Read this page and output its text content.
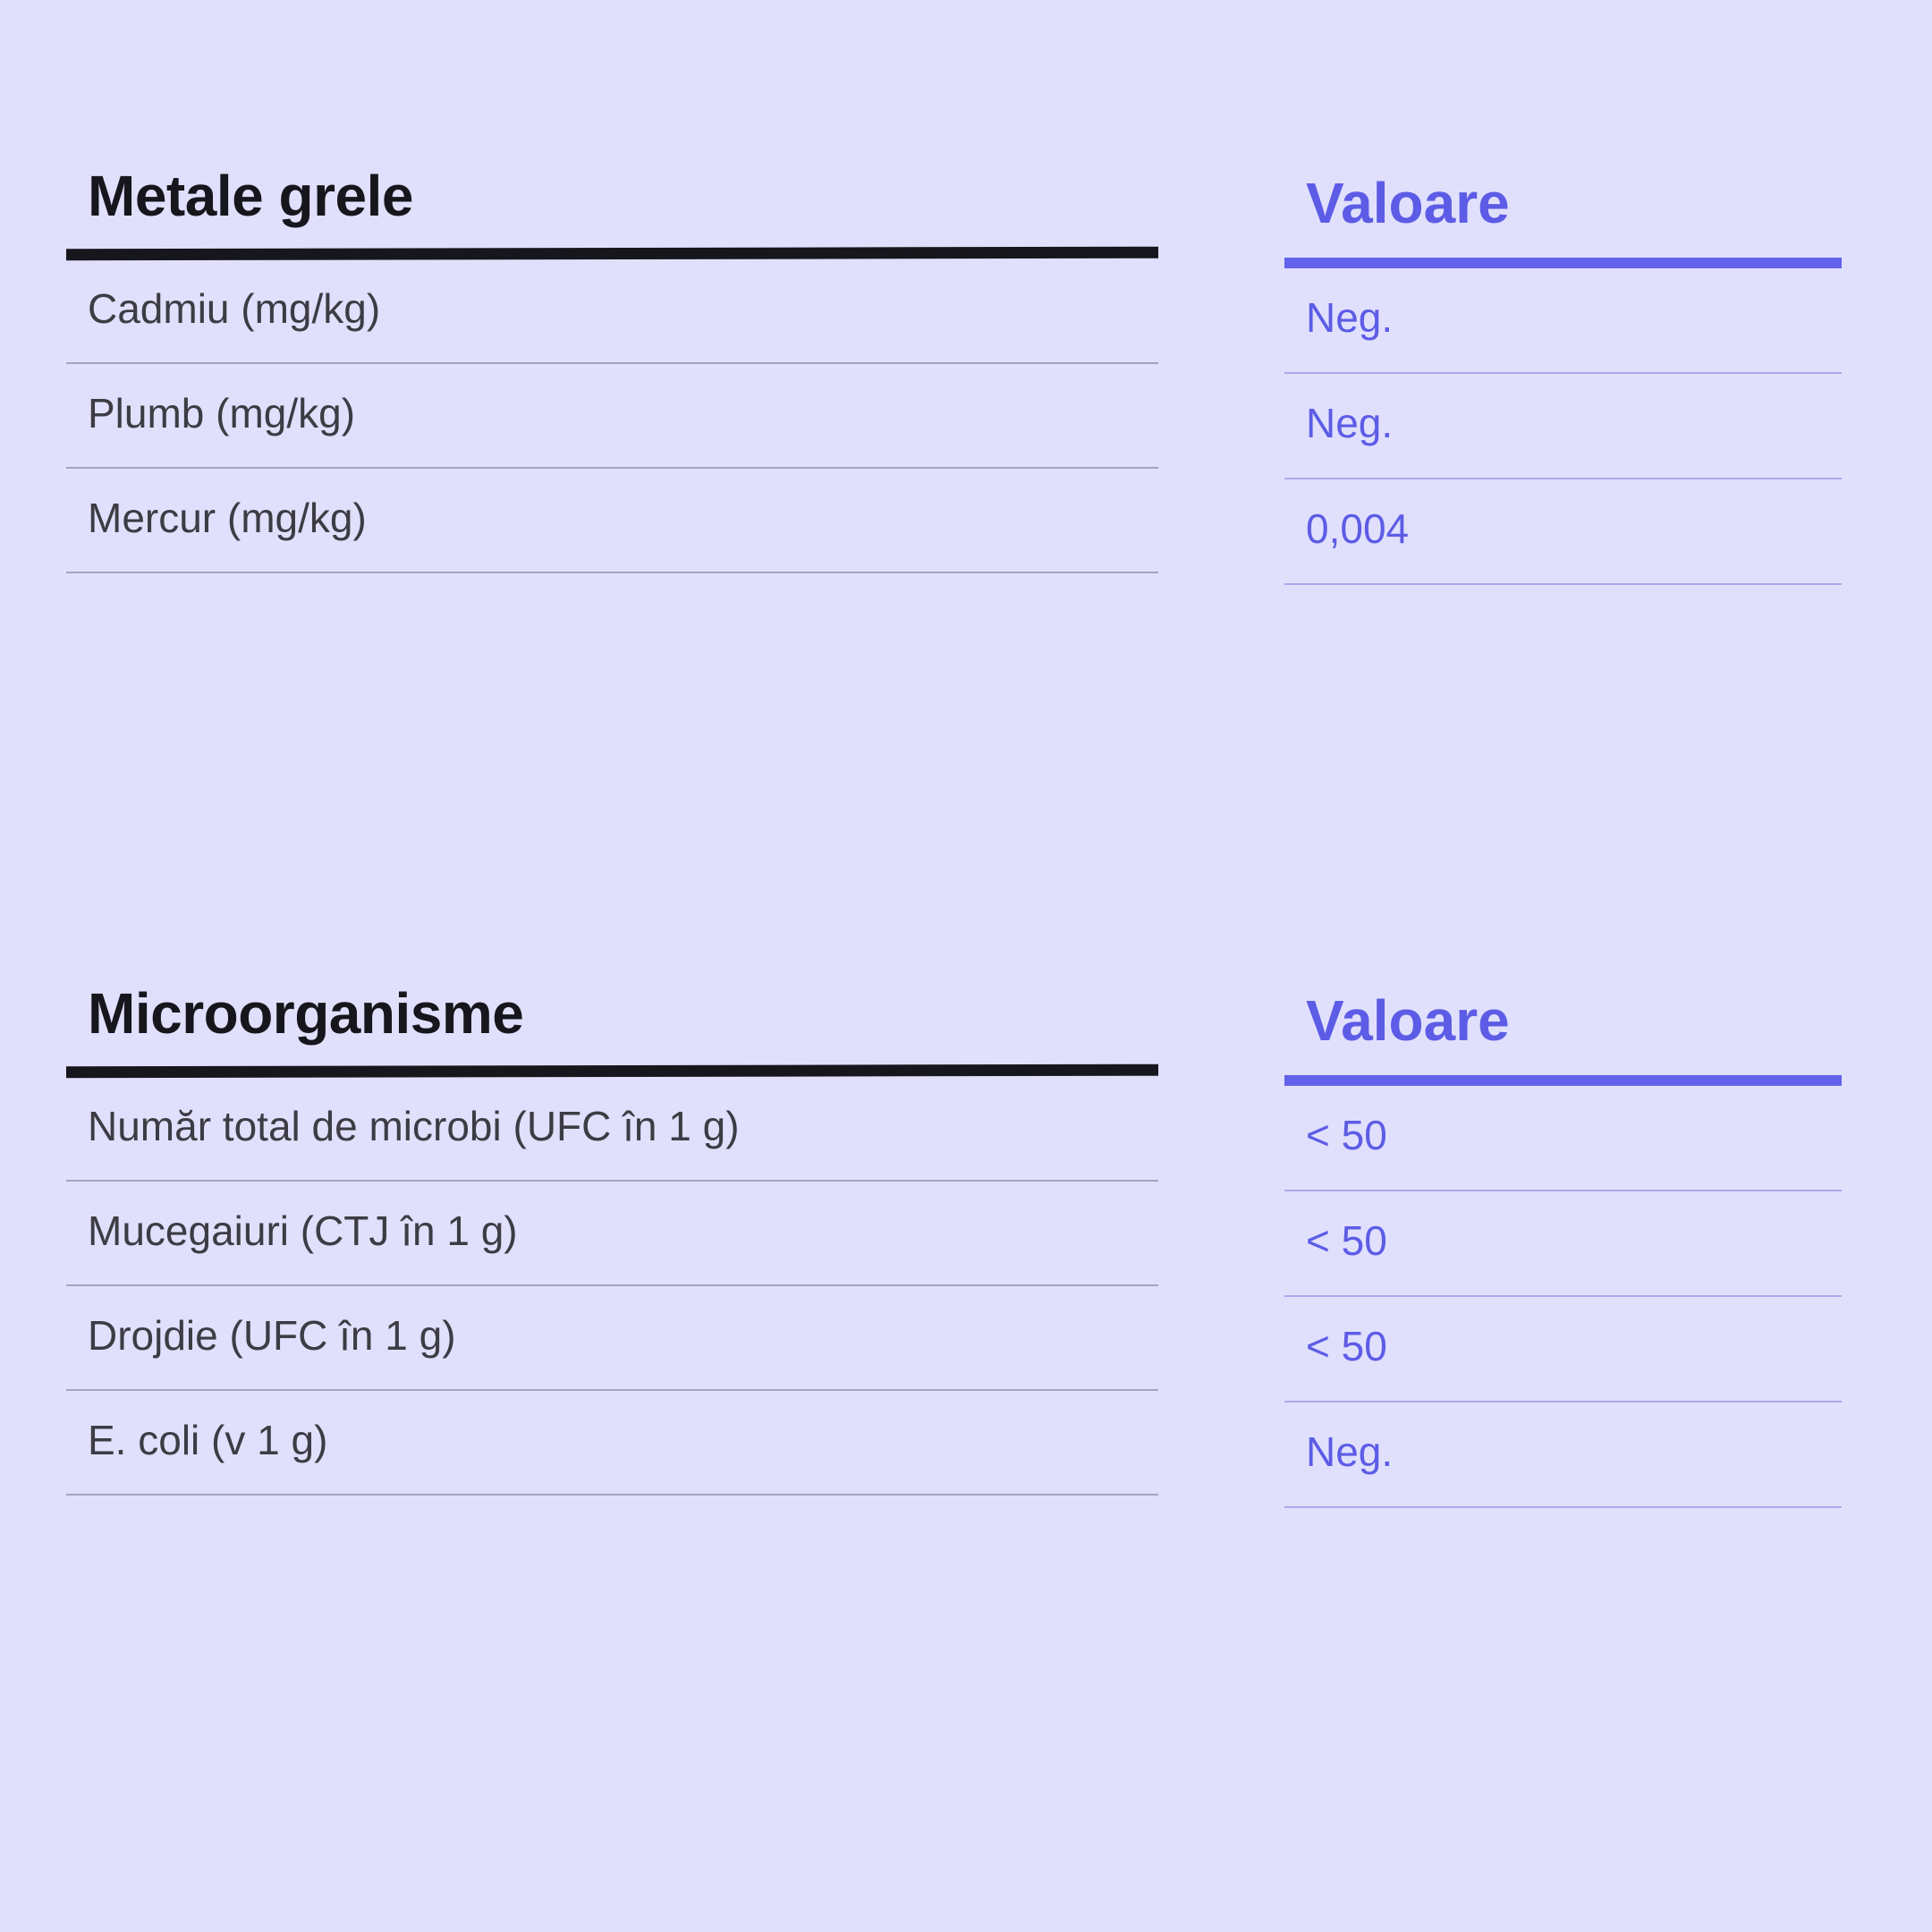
Metale grele
Cadmiu (mg/kg)
Plumb (mg/kg)
Mercur (mg/kg)
Valoare
Neg.
Neg.
0,004
Microorganisme
Număr total de microbi (UFC în 1 g)
Mucegaiuri (CTJ în 1 g)
Drojdie (UFC în 1 g)
E. coli (v 1 g)
Valoare
< 50
< 50
< 50
Neg.
